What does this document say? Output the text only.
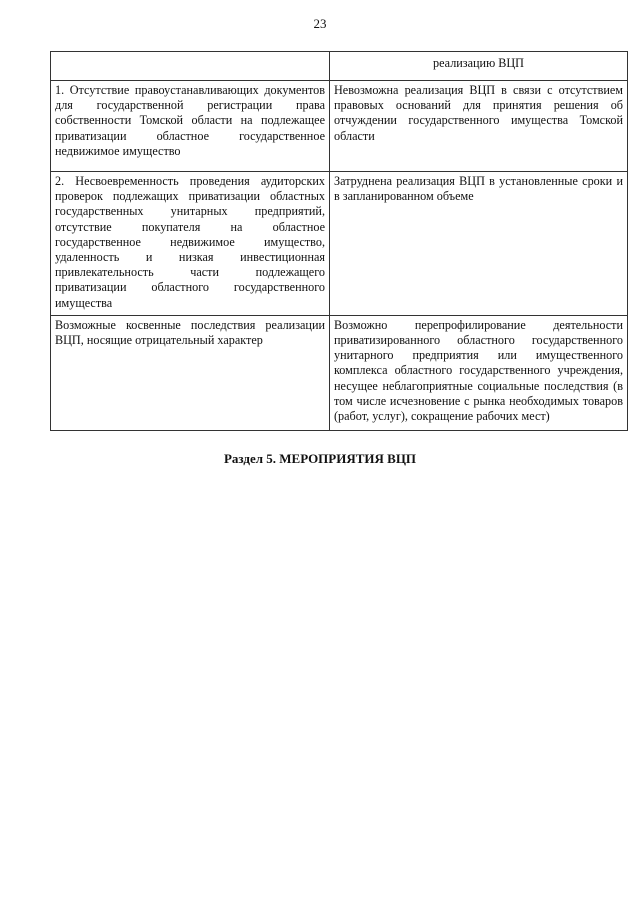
23
	реализацию ВЦП
1. Отсутствие правоустанавливающих документов для государственной регистрации права собственности Томской области на подлежащее приватизации областное государственное недвижимое имущество	Невозможна реализация ВЦП в связи с отсутствием правовых оснований для принятия решения об отчуждении государственного имущества Томской области
2. Несвоевременность проведения аудиторских проверок подлежащих приватизации областных государственных унитарных предприятий, отсутствие покупателя на областное государственное недвижимое имущество, удаленность и низкая инвестиционная привлекательность части подлежащего приватизации областного государственного имущества	Затруднена реализация ВЦП в установленные сроки и в запланированном объеме
Возможные косвенные последствия реализации ВЦП, носящие отрицательный характер	Возможно перепрофилирование деятельности приватизированного областного государственного унитарного предприятия или имущественного комплекса областного государственного учреждения, несущее неблагоприятные социальные последствия (в том числе исчезновение с рынка необходимых товаров (работ, услуг), сокращение рабочих мест)
Раздел 5. МЕРОПРИЯТИЯ ВЦП
